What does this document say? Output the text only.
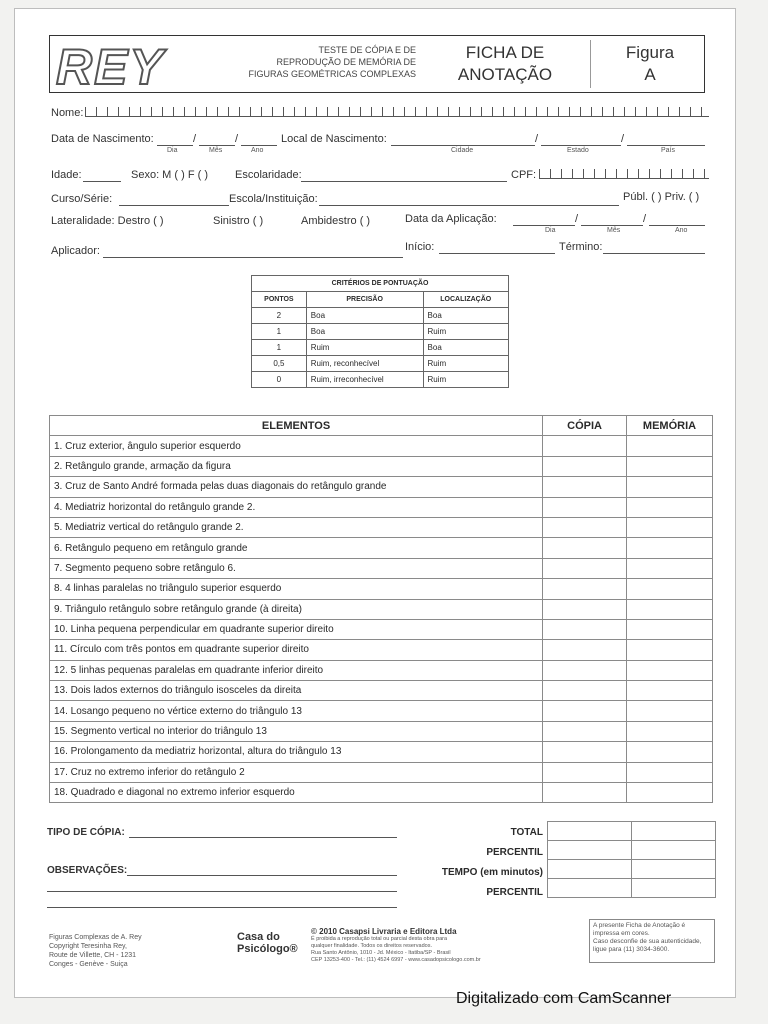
REY	TESTE DE CÓPIA E DE
REPRODUÇÃO DE MEMÓRIA DE
FIGURAS GEOMÉTRICAS COMPLEXAS
FICHA DE
ANOTAÇÃO
Figura
A
Nome:
Data de Nascimento:	/	/
Dia	Mês	Ano
Local de Nascimento:	/	/
Cidade	Estado	País
Idade:	Sexo: M ( ) F ( ) Escolaridade:	CPF:
Curso/Série:	Escola/Instituição:	Públ. ( ) Priv. ( )
Lateralidade: Destro ( )	Sinistro ( )	Ambidestro ( )	Data da Aplicação:	/	/
Dia	Mês	Ano
Aplicador:	Início:	Término:
CRITÉRIOS DE PONTUAÇÃO		
PONTOS	PRECISÃO	LOCALIZAÇÃO
2	Boa	Boa
1	Boa	Ruim
1	Ruim	Boa
0,5	Ruim, reconhecível	Ruim
0	Ruim, irreconhecível	Ruim
ELEMENTOS	CÓPIA	MEMÓRIA
1. Cruz exterior, ângulo superior esquerdo		
2. Retângulo grande, armação da figura		
3. Cruz de Santo André formada pelas duas diagonais do retângulo grande		
4. Mediatriz horizontal do retângulo grande 2.		
5. Mediatriz vertical do retângulo grande 2.		
6. Retângulo pequeno em retângulo grande		
7. Segmento pequeno sobre retângulo 6.		
8. 4 linhas paralelas no triângulo superior esquerdo		
9. Triângulo retângulo sobre retângulo grande (à direita)		
10. Linha pequena perpendicular em quadrante superior direito		
11. Círculo com três pontos em quadrante superior direito		
12. 5 linhas pequenas paralelas em quadrante inferior direito		
13. Dois lados externos do triângulo isosceles da direita		
14. Losango pequeno no vértice externo do triângulo 13		
15. Segmento vertical no interior do triângulo 13		
16. Prolongamento da mediatriz horizontal, altura do triângulo 13		
17. Cruz no extremo inferior do retângulo 2		
18. Quadrado e diagonal no extremo inferior esquerdo		
TIPO DE CÓPIA:
OBSERVAÇÕES:
TOTAL
PERCENTIL
TEMPO (em minutos)
PERCENTIL

Figuras Complexas de A. Rey
Copyright Teresinha Rey,
Route de Villette, CH - 1231
Conges - Genève - Suiça
Casa do
Psicólogo®
© 2010 Casapsi Livraria e Editora Ltda
É proibida a reprodução total ou parcial desta obra para
qualquer finalidade. Todos os direitos reservados.
Rua Santo Antônio, 1010 - Jd. México - Itatiba/SP - Brasil
CEP 13253-400 - Tel.: (11) 4524 6997 - www.casadopsicologo.com.br
A presente Ficha de Anotação é
impressa em cores.
Caso desconfie de sua autenticidade,
ligue para (11) 3034-3600.
Digitalizado com CamScanner
